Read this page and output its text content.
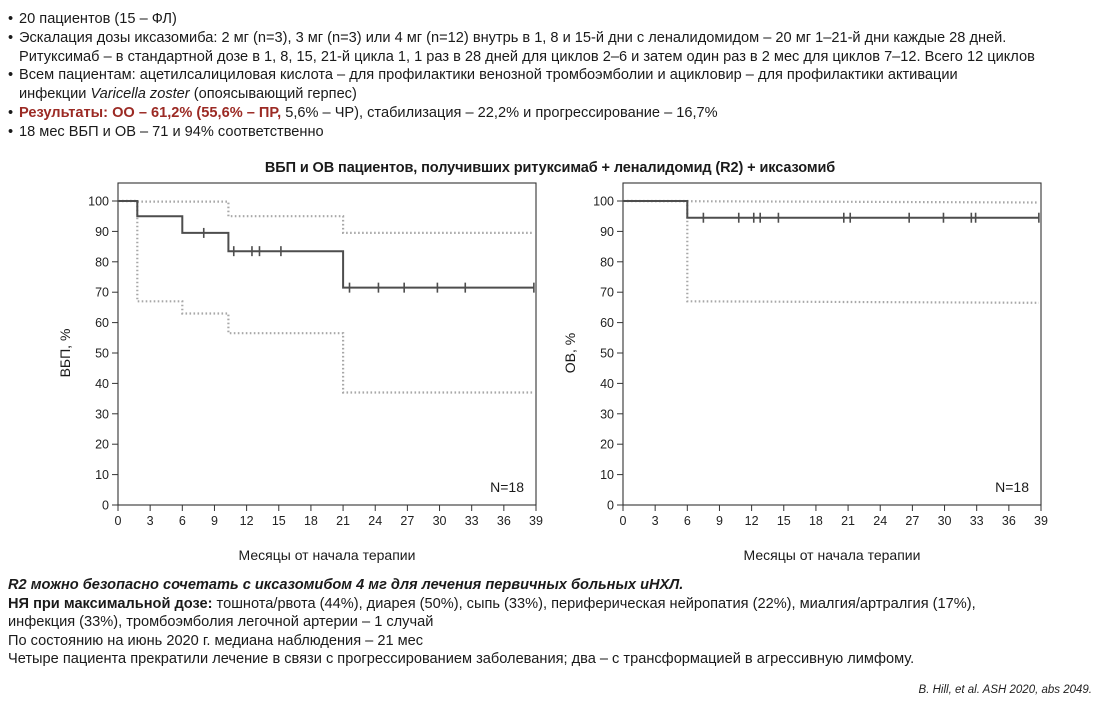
• 20 пациентов (15 – ФЛ)
• Эскалация дозы иксазомиба: 2 мг (n=3), 3 мг (n=3) или 4 мг (n=12) внутрь в 1, 8 и 15-й дни с леналидомидом – 20 мг 1–21-й дни каждые 28 дней.
Ритуксимаб – в стандартной дозе в 1, 8, 15, 21-й цикла 1, 1 раз в 28 дней для циклов 2–6 и затем один раз в 2 мес для циклов 7–12. Всего 12 циклов
• Всем пациентам: ацетилсалициловая кислота – для профилактики венозной тромбоэмболии и ацикловир – для профилактики активации
инфекции Varicella zoster (опоясывающий герпес)
• Результаты: ОО – 61,2% (55,6% – ПР, 5,6% – ЧР), стабилизация – 22,2% и прогрессирование – 16,7%
• 18 мес ВБП и ОВ – 71 и 94% соответственно
ВБП и ОВ пациентов, получивших ритуксимаб + леналидомид (R2) + иксазомиб
0
10
20
30
40
50
60
70
80
90
100
0 3 6 9 12 15 18 21 24 27 30 33 36 39
Месяцы от начала терапии
ВБП, %
N=18
0
10
20
30
40
50
60
70
80
90
100
0 3 6 9 12 15 18 21 24 27 30 33 36 39
Месяцы от начала терапии
ОВ, %
N=18
R2 можно безопасно сочетать с иксазомибом 4 мг для лечения первичных больных иНХЛ.
НЯ при максимальной дозе: тошнота/рвота (44%), диарея (50%), сыпь (33%), периферическая нейропатия (22%), миалгия/артралгия (17%),
инфекция (33%), тромбоэмболия легочной артерии – 1 случай
По состоянию на июнь 2020 г. медиана наблюдения – 21 мес
Четыре пациента прекратили лечение в связи с прогрессированием заболевания; два – с трансформацией в агрессивную лимфому.
B. Hill, et al. ASH 2020, abs 2049.
